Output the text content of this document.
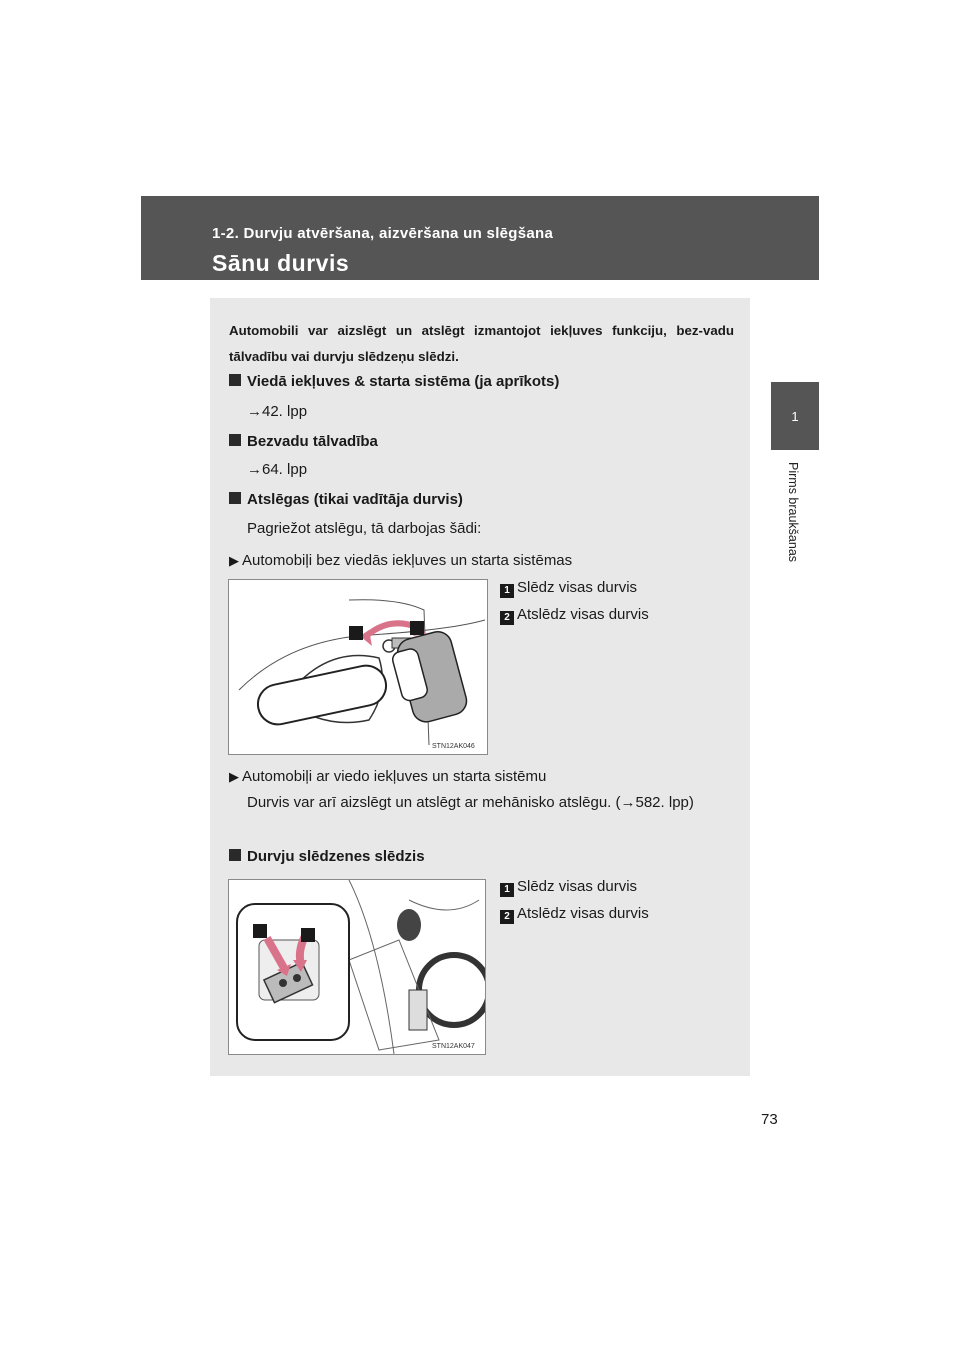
1-2. Durvju atvēršana, aizvēršana un slēgšana
Sānu durvis
1
Pirms braukšanas
Automobili var aizslēgt un atslēgt izmantojot iekļuves funkciju, bez-vadu tālvadību vai durvju slēdzeņu slēdzi.
Viedā iekļuves & starta sistēma (ja aprīkots)
→42. lpp
Bezvadu tālvadība
→64. lpp
Atslēgas (tikai vadītāja durvis)
Pagriežot atslēgu, tā darbojas šādi:
▶ Automobiļi bez viedās iekļuves un starta sistēmas
1 Slēdz visas durvis
2 Atslēdz visas durvis
STN12AK046
▶ Automobiļi ar viedo iekļuves un starta sistēmu
Durvis var arī aizslēgt un atslēgt ar mehānisko atslēgu. (→582. lpp)
Durvju slēdzenes slēdzis
1 Slēdz visas durvis
2 Atslēdz visas durvis
STN12AK047
73
